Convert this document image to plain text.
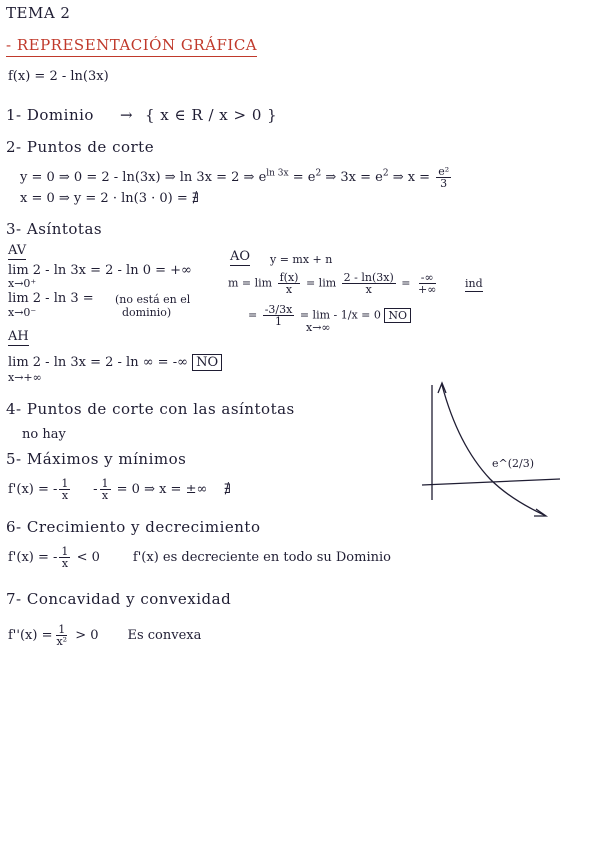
TEMA 2
- REPRESENTACIÓN GRÁFICA
f(x) = 2 - ln(3x)
1- Dominio → { x ∈ R / x > 0 }
2- Puntos de corte
y = 0 ⇒ 0 = 2 - ln(3x) ⇒ ln 3x = 2 ⇒ $e^{ln 3x} = e^2$ ⇒ $3x = e^2$ ⇒ $x = \frac{\text{e²}}{3}$
x = 0 ⇒ y = 2 · ln(3 · 0) = ∄
3- Asíntotas
AV
lim 2 - ln 3x = 2 - ln 0 = +∞
x→0⁺
lim 2 - ln 3 = (no está en el
dominio)
x→0⁻
AO y = mx + n
$m = \lim \frac{f(x)}{x} = \lim \frac{2 - \ln(3x)}{x} = \frac{-\infty}{+\infty}$ ind
= $\frac{-3/3x}{1} = \lim - 1/x = 0$ NO
x→∞
AH
lim 2 - ln 3x = 2 - ln ∞ = -∞ NO
x→+∞
4- Puntos de corte con las asíntotas
no hay
5- Máximos y mínimos
f'(x) = - $\frac{1}{x} - \frac{1}{x} = 0$ ⇒ x = ±∞ ∄
6- Crecimiento y decrecimiento
f'(x) = - $\frac{1}{x} < 0$	f'(x) es decreciente en todo su Dominio
7- Concavidad y convexidad
$f''(x) = \frac{1}{\text{x²}} > 0$ Es convexa
e^(2/3)
